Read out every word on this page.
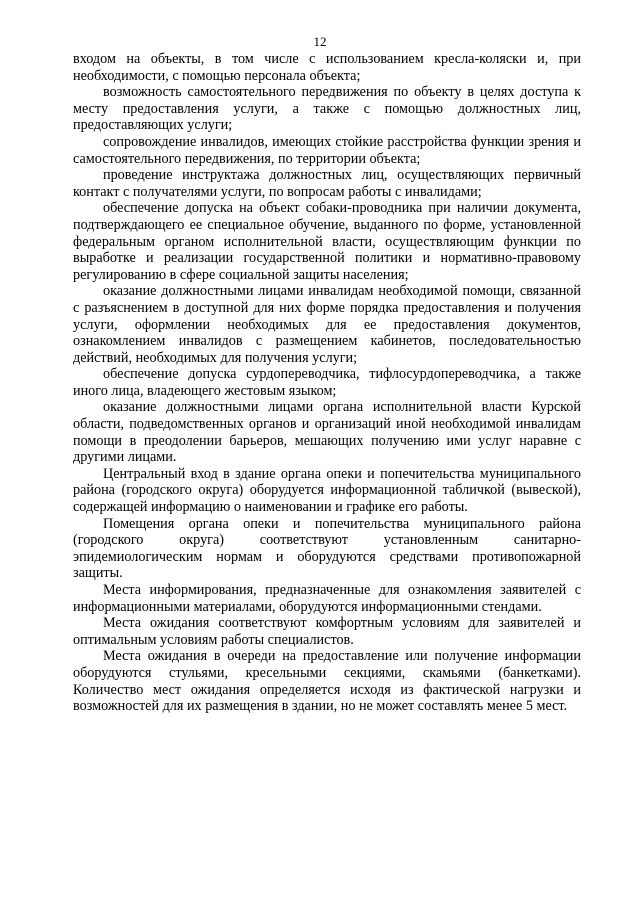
12

входом на объекты, в том числе с использованием кресла-коляски и, при необходимости, с помощью персонала объекта;

возможность самостоятельного передвижения по объекту в целях доступа к месту предоставления услуги, а также с помощью должностных лиц, предоставляющих услуги;

сопровождение инвалидов, имеющих стойкие расстройства функции зрения и самостоятельного передвижения, по территории объекта;

проведение инструктажа должностных лиц, осуществляющих первичный контакт с получателями услуги, по вопросам работы с инвалидами;

обеспечение допуска на объект собаки-проводника при наличии документа, подтверждающего ее специальное обучение, выданного по форме, установленной федеральным органом исполнительной власти, осуществляющим функции по выработке и реализации государственной политики и нормативно-правовому регулированию в сфере социальной защиты населения;

оказание должностными лицами инвалидам необходимой помощи, связанной с разъяснением в доступной для них форме порядка предоставления и получения услуги, оформлении необходимых для ее предоставления документов, ознакомлением инвалидов с размещением кабинетов, последовательностью действий, необходимых для получения услуги;

обеспечение допуска сурдопереводчика, тифлосурдопереводчика, а также иного лица, владеющего жестовым языком;

оказание должностными лицами органа исполнительной власти Курской области, подведомственных органов и организаций иной необходимой инвалидам помощи в преодолении барьеров, мешающих получению ими услуг наравне с другими лицами.

Центральный вход в здание органа опеки и попечительства муниципального района (городского округа) оборудуется информационной табличкой (вывеской), содержащей информацию о наименовании и графике его работы.

Помещения органа опеки и попечительства муниципального района (городского округа) соответствуют установленным санитарно-эпидемиологическим нормам и оборудуются средствами противопожарной защиты.

Места информирования, предназначенные для ознакомления заявителей с информационными материалами, оборудуются информационными стендами.

Места ожидания соответствуют комфортным условиям для заявителей и оптимальным условиям работы специалистов.

Места ожидания в очереди на предоставление или получение информации оборудуются стульями, кресельными секциями, скамьями (банкетками). Количество мест ожидания определяется исходя из фактической нагрузки и возможностей для их размещения в здании, но не может составлять менее 5 мест.
